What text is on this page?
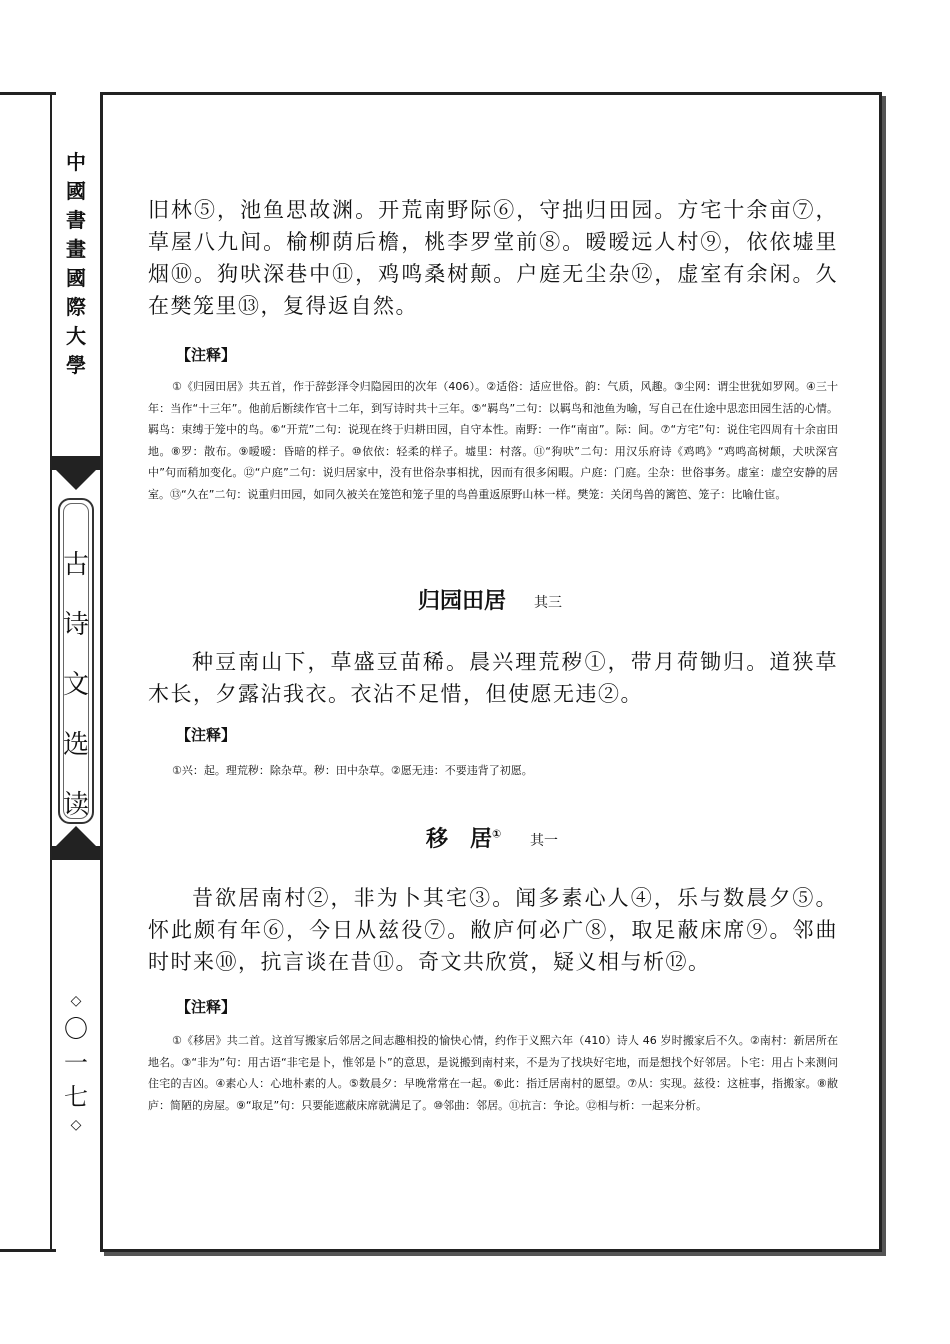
中
國
書
畫
國
際
大
學
古
诗
文
选
读
◇
〇
一
七
◇

旧林⑤，池鱼思故渊。开荒南野际⑥，守拙归田园。方宅十余亩⑦，草屋八九间。榆柳荫后檐，桃李罗堂前⑧。暧暧远人村⑨，依依墟里烟⑩。狗吠深巷中⑪，鸡鸣桑树颠。户庭无尘杂⑫，虚室有余闲。久在樊笼里⑬，复得返自然。

【注释】

①《归园田居》共五首，作于辞彭泽令归隐园田的次年（406）。②适俗：适应世俗。韵：气质，风趣。③尘网：谓尘世犹如罗网。④三十年：当作“十三年”。他前后断续作官十二年，到写诗时共十三年。⑤“羁鸟”二句：以羁鸟和池鱼为喻，写自己在仕途中思恋田园生活的心情。羁鸟：束缚于笼中的鸟。⑥“开荒”二句：说现在终于归耕田园，自守本性。南野：一作“南亩”。际：间。⑦“方宅”句：说住宅四周有十余亩田地。⑧罗：散布。⑨暧暧：昏暗的样子。⑩依依：轻柔的样子。墟里：村落。⑪“狗吠”二句：用汉乐府诗《鸡鸣》“鸡鸣高树颠，犬吠深宫中”句而稍加变化。⑫“户庭”二句：说归居家中，没有世俗杂事相扰，因而有很多闲暇。户庭：门庭。尘杂：世俗事务。虚室：虚空安静的居室。⑬“久在”二句：说重归田园，如同久被关在笼笆和笼子里的鸟兽重返原野山林一样。樊笼：关闭鸟兽的篱笆、笼子：比喻仕宦。

归园田居 其三

种豆南山下，草盛豆苗稀。晨兴理荒秽①，带月荷锄归。道狭草木长，夕露沾我衣。衣沾不足惜，但使愿无违②。

【注释】

①兴：起。理荒秽：除杂草。秽：田中杂草。②愿无违：不要违背了初愿。

移　居① 其一

昔欲居南村②，非为卜其宅③。闻多素心人④，乐与数晨夕⑤。怀此颇有年⑥，今日从兹役⑦。敝庐何必广⑧，取足蔽床席⑨。邻曲时时来⑩，抗言谈在昔⑪。奇文共欣赏，疑义相与析⑫。

【注释】

①《移居》共二首。这首写搬家后邻居之间志趣相投的愉快心情，约作于义熙六年（410）诗人 46 岁时搬家后不久。②南村：新居所在地名。③“非为”句：用古语“非宅是卜，惟邻是卜”的意思，是说搬到南村来，不是为了找块好宅地，而是想找个好邻居。卜宅：用占卜来测问住宅的吉凶。④素心人：心地朴素的人。⑤数晨夕：早晚常常在一起。⑥此：指迁居南村的愿望。⑦从：实现。兹役：这桩事，指搬家。⑧敝庐：简陋的房屋。⑨“取足”句：只要能遮蔽床席就满足了。⑩邻曲：邻居。⑪抗言：争论。⑫相与析：一起来分析。
